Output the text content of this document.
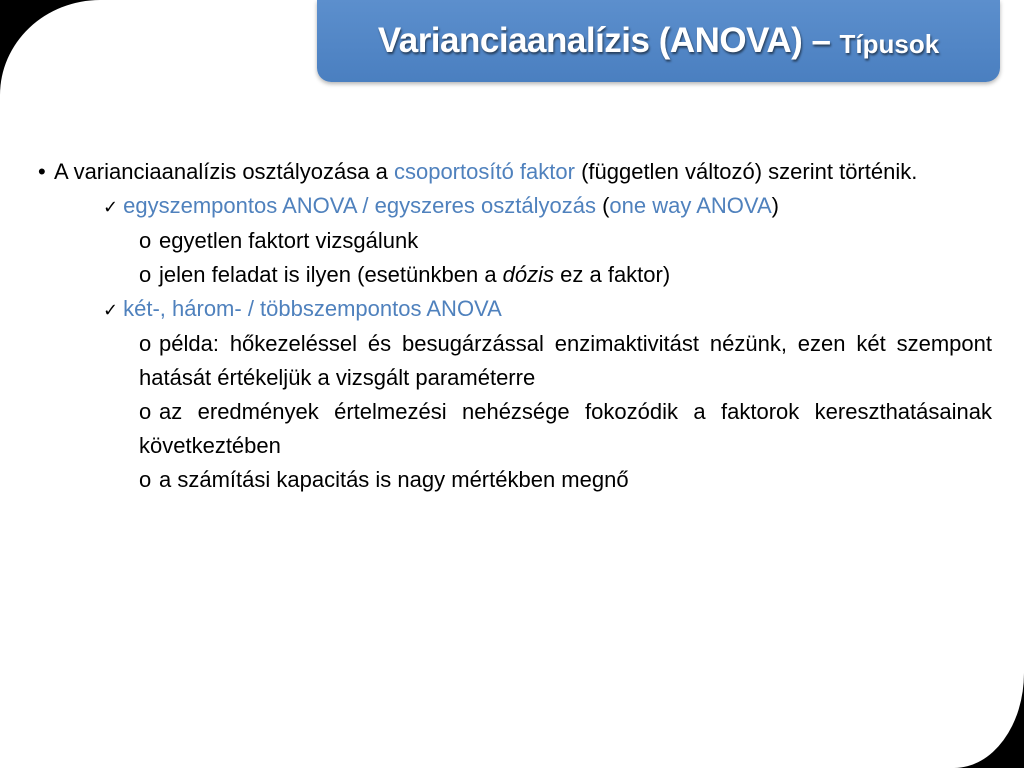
Varianciaanalízis (ANOVA) – Típusok
• A varianciaanalízis osztályozása a csoportosító faktor (független változó) szerint történik.
✓ egyszempontos ANOVA / egyszeres osztályozás (one way ANOVA)
o egyetlen faktort vizsgálunk
o jelen feladat is ilyen (esetünkben a dózis ez a faktor)
✓ két-, három- / többszempontos ANOVA
o példa: hőkezeléssel és besugárzással enzimaktivitást nézünk, ezen két szempont hatását értékeljük a vizsgált paraméterre
o az eredmények értelmezési nehézsége fokozódik a faktorok kereszthatásainak következtében
o a számítási kapacitás is nagy mértékben megnő
